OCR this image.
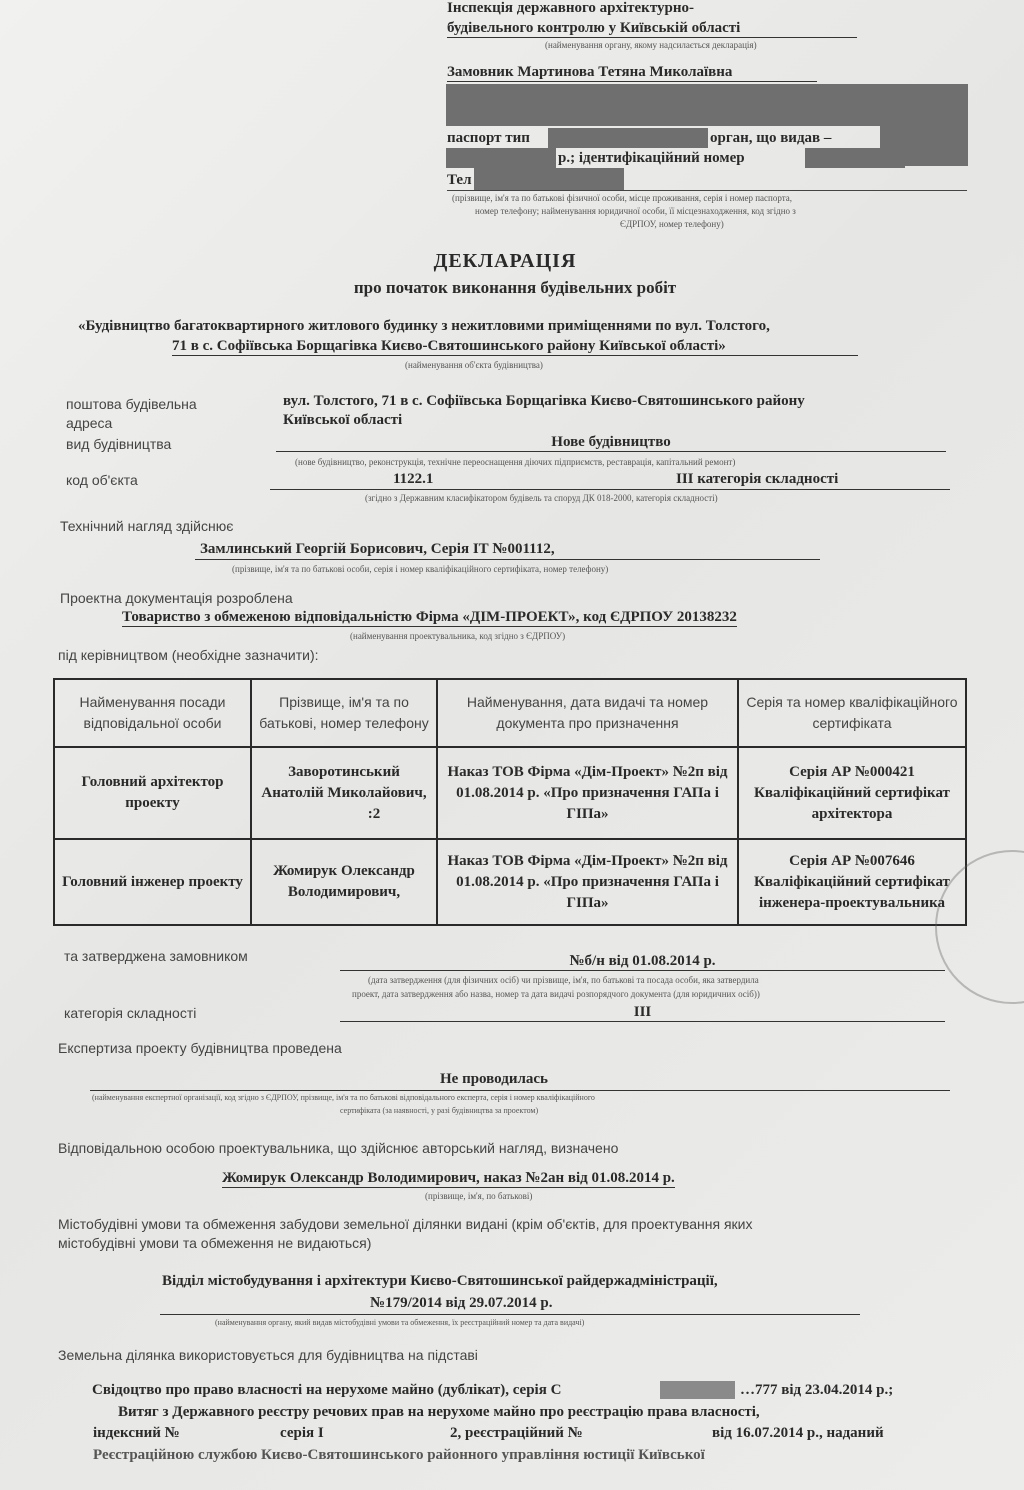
Інспекція державного архітектурно-
будівельного контролю у Київській області
(найменування органу, якому надсилається декларація)
Замовник Мартинова Тетяна Миколаївна
паспорт тип	орган, що видав –
р.; ідентифікаційний номер
Тел
(прізвище, ім'я та по батькові фізичної особи, місце проживання, серія і номер паспорта,
номер телефону; найменування юридичної особи, її місцезнаходження, код згідно з
ЄДРПОУ, номер телефону)
ДЕКЛАРАЦІЯ
про початок виконання будівельних робіт
«Будівництво багатоквартирного житлового будинку з нежитловими приміщеннями по вул. Толстого,
71 в с. Софіївська Борщагівка Києво-Святошинського району Київської області»
(найменування об'єкта будівництва)
поштова будівельна
адреса
вул. Толстого, 71 в с. Софіївська Борщагівка Києво-Святошинського району
Київської області
вид будівництва	Нове будівництво
(нове будівництво, реконструкція, технічне переоснащення діючих підприємств, реставрація, капітальний ремонт)
код об'єкта	1122.1	III категорія складності
(згідно з Державним класифікатором будівель та споруд ДК 018-2000, категорія складності)
Технічний нагляд здійснює
Замлинський Георгій Борисович, Серія ІТ №001112,
(прізвище, ім'я та по батькові особи, серія і номер кваліфікаційного сертифіката, номер телефону)
Проектна документація розроблена
Товариство з обмеженою відповідальністю Фірма «ДІМ-ПРОЕКТ», код ЄДРПОУ 20138232
(найменування проектувальника, код згідно з ЄДРПОУ)
під керівництвом (необхідне зазначити):
Найменування посади відповідальної особи	Прізвище, ім'я та по батькові, номер телефону	Найменування, дата видачі та номер документа про призначення	Серія та номер кваліфікаційного сертифіката
Головний архітектор проекту	Заворотинський Анатолій Миколайович, :2	Наказ ТОВ Фірма «Дім-Проект» №2п від 01.08.2014 р. «Про призначення ГАПа і ГІПа»	Серія АР №000421 Кваліфікаційний сертифікат архітектора
Головний інженер проекту	Жомирук Олександр Володимирович,	Наказ ТОВ Фірма «Дім-Проект» №2п від 01.08.2014 р. «Про призначення ГАПа і ГІПа»	Серія АР №007646 Кваліфікаційний сертифікат інженера-проектувальника
та затверджена замовником	№б/н від 01.08.2014 р.
(дата затвердження (для фізичних осіб) чи прізвище, ім'я, по батькові та посада особи, яка затвердила
проект, дата затвердження або назва, номер та дата видачі розпорядчого документа (для юридичних осіб))
категорія складності	III
Експертиза проекту будівництва проведена
Не проводилась
(найменування експертної організації, код згідно з ЄДРПОУ, прізвище, ім'я та по батькові відповідального експерта, серія і номер кваліфікаційного
сертифіката (за наявності, у разі будівництва за проектом)
Відповідальною особою проектувальника, що здійснює авторський нагляд, визначено
Жомирук Олександр Володимирович, наказ №2ан від 01.08.2014 р.
(прізвище, ім'я, по батькові)
Містобудівні умови та обмеження забудови земельної ділянки видані (крім об'єктів, для проектування яких
містобудівні умови та обмеження не видаються)
Відділ містобудування і архітектури Києво-Святошинської райдержадміністрації,
№179/2014 від 29.07.2014 р.
(найменування органу, який видав містобудівні умови та обмеження, їх реєстраційний номер та дата видачі)
Земельна ділянка використовується для будівництва на підставі
Свідоцтво про право власності на нерухоме майно (дублікат), серія С	…777 від 23.04.2014 р.;
Витяг з Державного реєстру речових прав на нерухоме майно про реєстрацію права власності,
індексний №	серія І	2, реєстраційний №	від 16.07.2014 р., наданий
Реєстраційною службою Києво-Святошинського районного управління юстиції Київської
